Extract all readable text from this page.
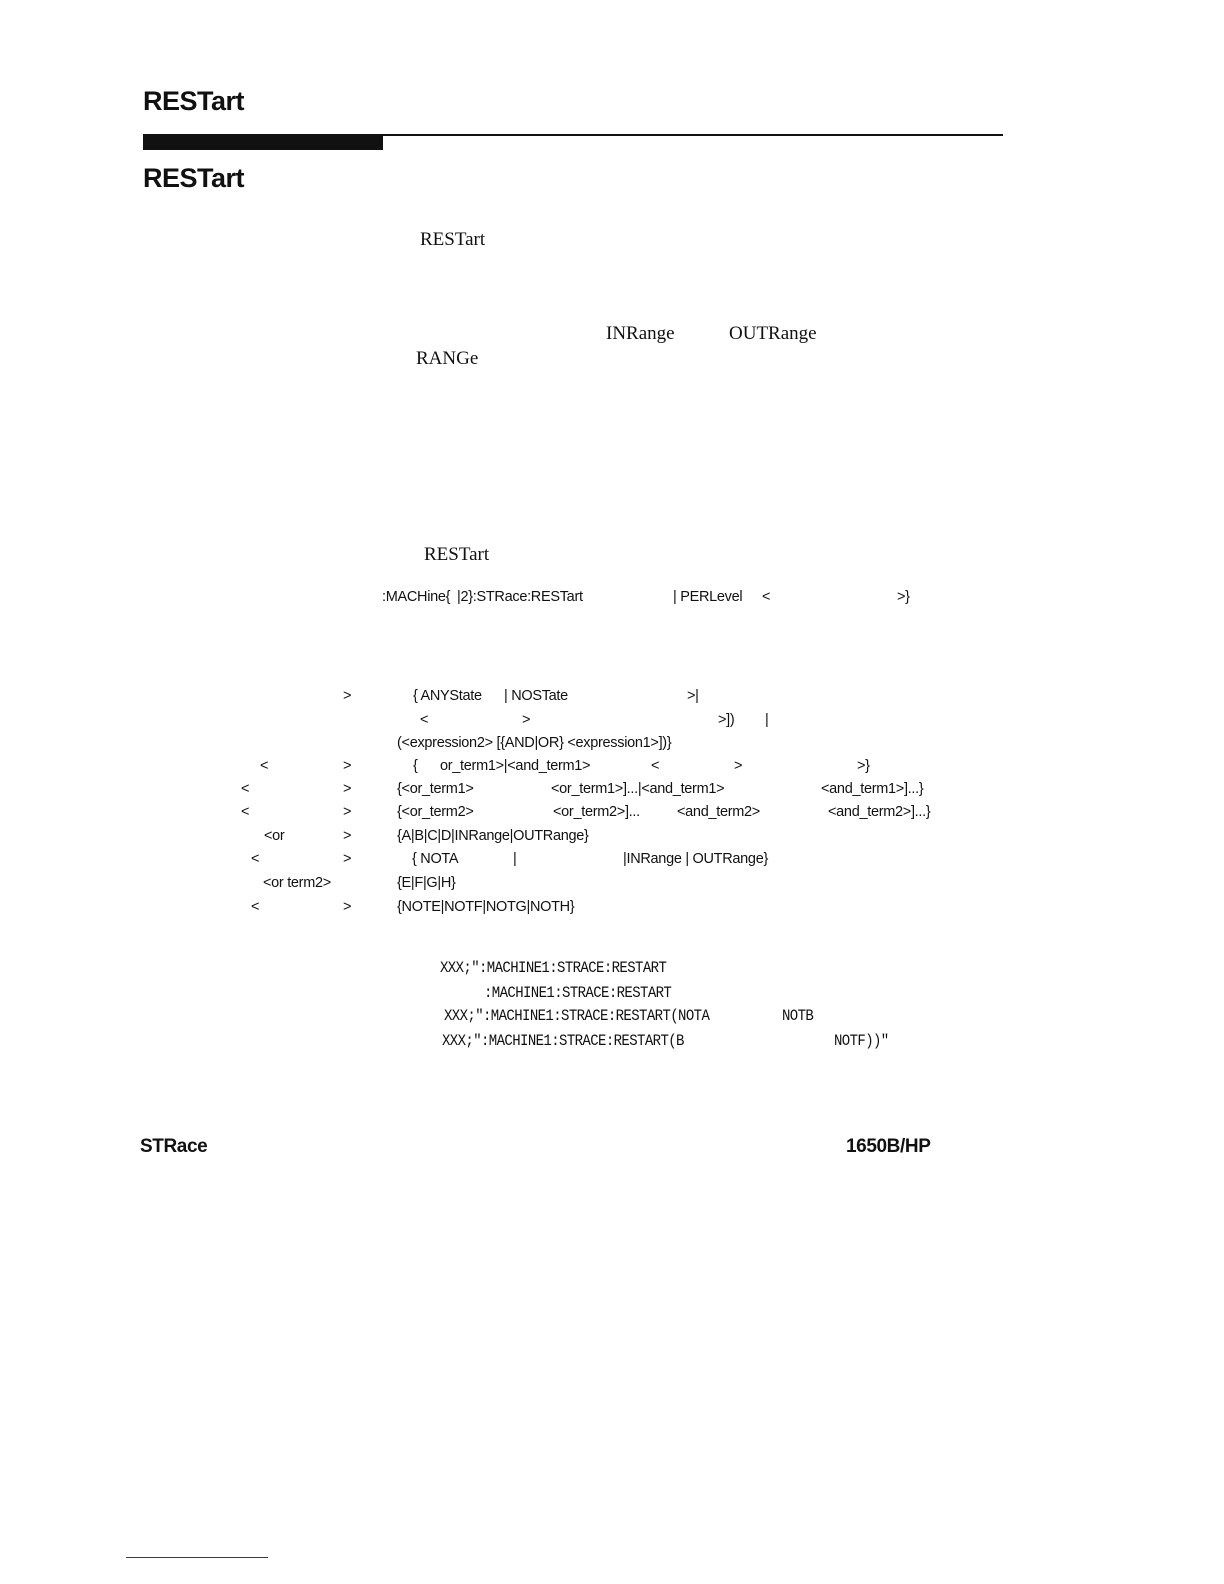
RESTart
RESTart
RESTart
INRange	OUTRange
RANGe
RESTart
:MACHine{ |2}:STRace:RESTart	| PERLevel <	>}
>	{ ANYState | NOSTate	>|
<	>	>]) |
(<expression2> [{AND|OR} <expression1>])}
<	>	{ or_term1>|<and_term1>	<	>	>}
<	>	{<or_term1>	<or_term1>]...|<and_term1>	<and_term1>]...}
<	>	{<or_term2>	<or_term2>]...	<and_term2>	<and_term2>]...}
<or	>	{A|B|C|D|INRange|OUTRange}
<	>	{ NOTA	|	|INRange | OUTRange}
<or term2>	{E|F|G|H}
<	>	{NOTE|NOTF|NOTG|NOTH}
XXX;":MACHINE1:STRACE:RESTART
:MACHINE1:STRACE:RESTART
XXX;":MACHINE1:STRACE:RESTART(NOTA	NOTB
XXX;":MACHINE1:STRACE:RESTART(B	NOTF))"
STRace	1650B/HP
